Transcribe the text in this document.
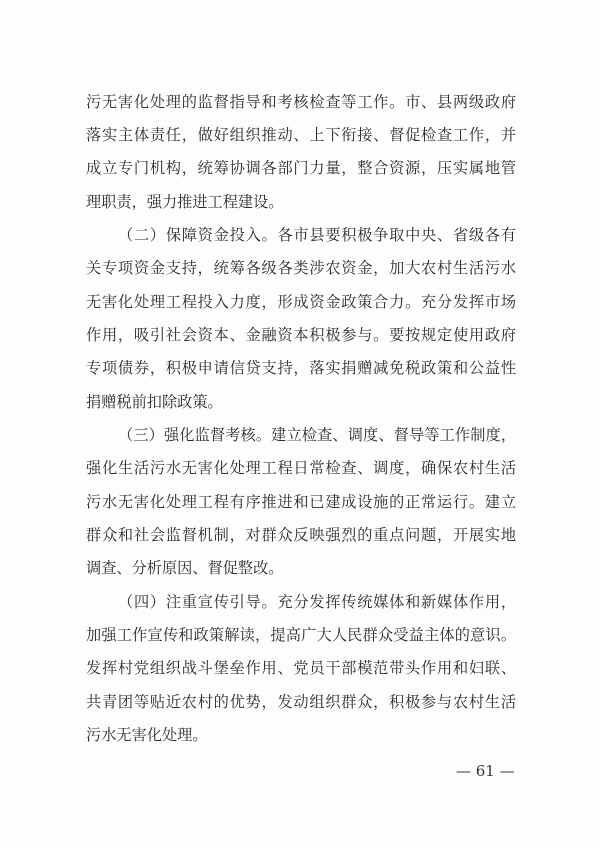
污无害化处理的监督指导和考核检查等工作。市、县两级政府

落实主体责任，做好组织推动、上下衔接、督促检查工作，并

成立专门机构，统筹协调各部门力量，整合资源，压实属地管

理职责，强力推进工程建设。

（二）保障资金投入。各市县要积极争取中央、省级各有

关专项资金支持，统筹各级各类涉农资金，加大农村生活污水

无害化处理工程投入力度，形成资金政策合力。充分发挥市场

作用，吸引社会资本、金融资本积极参与。要按规定使用政府

专项债券，积极申请信贷支持，落实捐赠减免税政策和公益性

捐赠税前扣除政策。

（三）强化监督考核。建立检查、调度、督导等工作制度，

强化生活污水无害化处理工程日常检查、调度，确保农村生活

污水无害化处理工程有序推进和已建成设施的正常运行。建立

群众和社会监督机制，对群众反映强烈的重点问题，开展实地

调查、分析原因、督促整改。

（四）注重宣传引导。充分发挥传统媒体和新媒体作用，

加强工作宣传和政策解读，提高广大人民群众受益主体的意识。

发挥村党组织战斗堡垒作用、党员干部模范带头作用和妇联、

共青团等贴近农村的优势，发动组织群众，积极参与农村生活

污水无害化处理。

— 61 —
